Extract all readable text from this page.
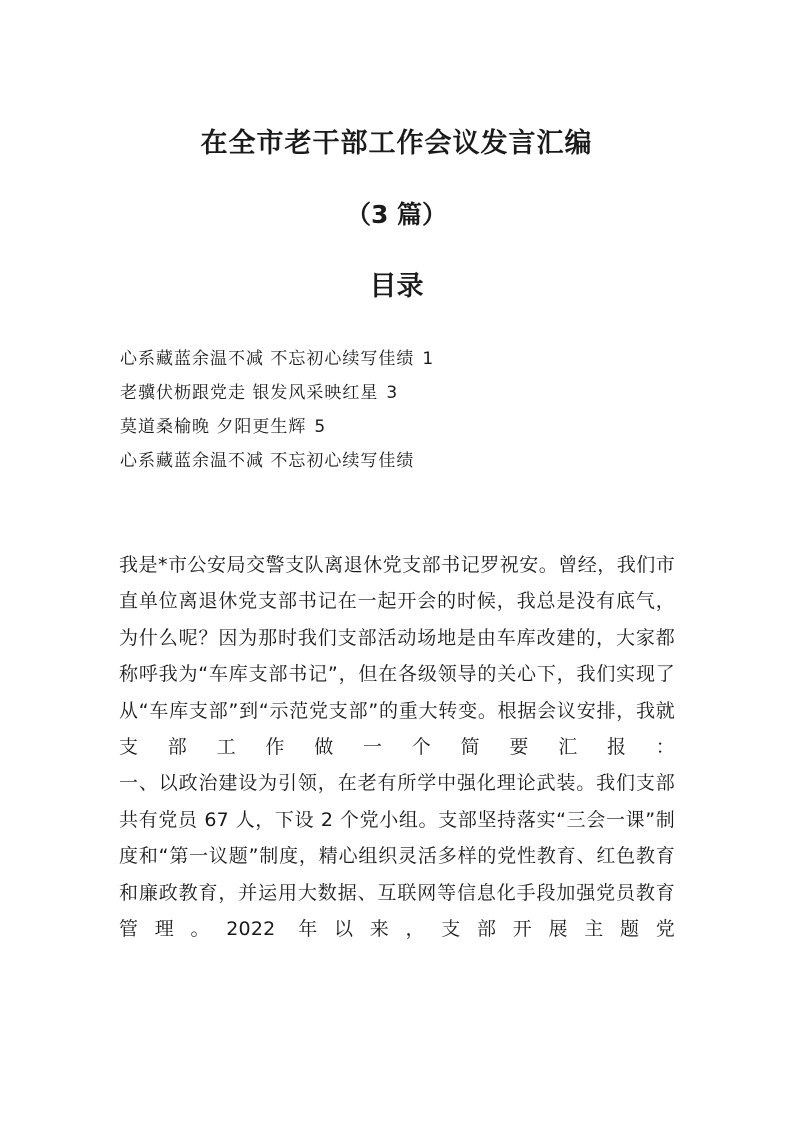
在全市老干部工作会议发言汇编
（3 篇）
目录
心系藏蓝余温不减 不忘初心续写佳绩 1
老骥伏枥跟党走 银发风采映红星 3
莫道桑榆晚 夕阳更生辉 5
心系藏蓝余温不减 不忘初心续写佳绩
我是*市公安局交警支队离退休党支部书记罗祝安。曾经，我们市直单位离退休党支部书记在一起开会的时候，我总是没有底气，为什么呢？因为那时我们支部活动场地是由车库改建的，大家都称呼我为“车库支部书记”，但在各级领导的关心下，我们实现了从“车库支部”到“示范党支部”的重大转变。根据会议安排，我就支部工作做一个简要汇报：
一、以政治建设为引领，在老有所学中强化理论武装。我们支部共有党员 67 人，下设 2 个党小组。支部坚持落实“三会一课”制度和“第一议题”制度，精心组织灵活多样的党性教育、红色教育和廉政教育，并运用大数据、互联网等信息化手段加强党员教育管理。2022 年以来，支部开展主题党
